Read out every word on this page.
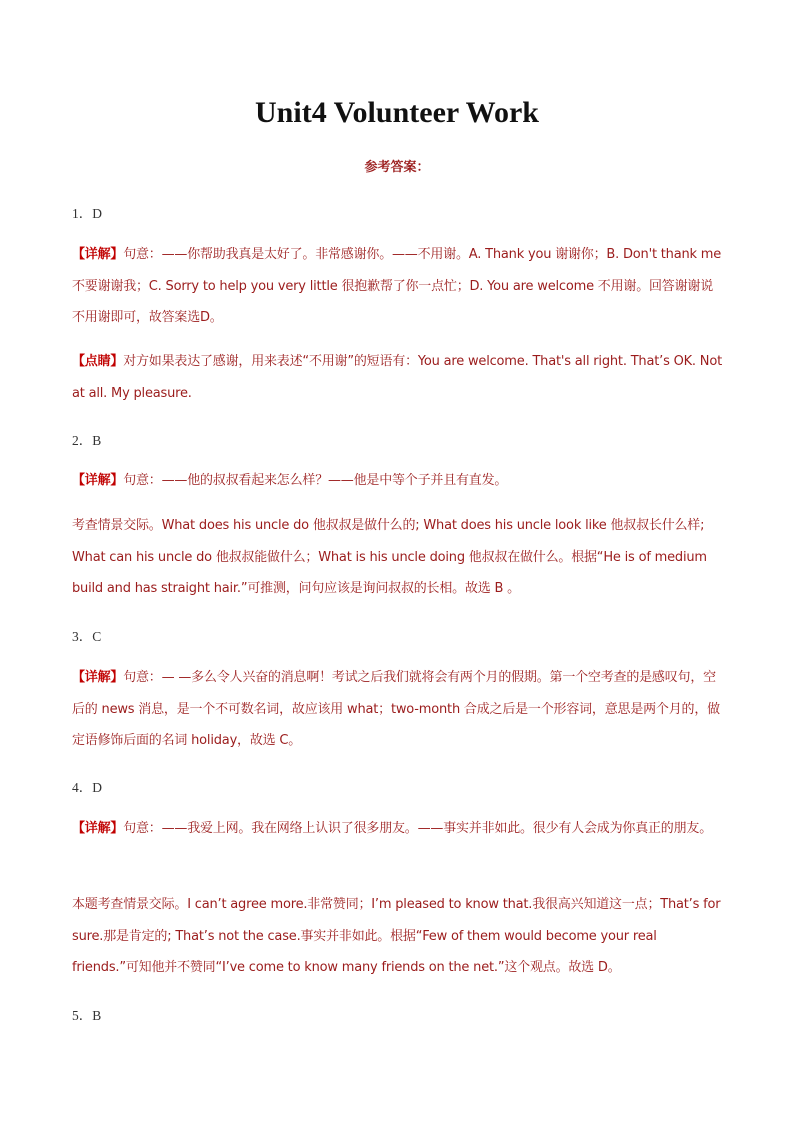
Unit4 Volunteer Work
参考答案：
1．D
【详解】句意：——你帮助我真是太好了。非常感谢你。——不用谢。A. Thank you 谢谢你；B. Don't thank me 不要谢谢我；C. Sorry to help you very little 很抱歉帮了你一点忙；D. You are welcome 不用谢。回答谢谢说不用谢即可，故答案选D。
【点睛】对方如果表达了感谢，用来表述“不用谢”的短语有：You are welcome. That's all right. That’s OK. Not at all. My pleasure.
2．B
【详解】句意：——他的叔叔看起来怎么样？——他是中等个子并且有直发。
考查情景交际。What does his uncle do 他叔叔是做什么的; What does his uncle look like 他叔叔长什么样; What can his uncle do 他叔叔能做什么；What is his uncle doing 他叔叔在做什么。根据“He is of medium build and has straight hair.”可推测，问句应该是询问叔叔的长相。故选 B 。
3．C
【详解】句意：— —多么令人兴奋的消息啊！考试之后我们就将会有两个月的假期。第一个空考查的是感叹句，空后的 news 消息，是一个不可数名词，故应该用 what；two-month 合成之后是一个形容词，意思是两个月的，做定语修饰后面的名词 holiday，故选 C。
4．D
【详解】句意：——我爱上网。我在网络上认识了很多朋友。——事实并非如此。很少有人会成为你真正的朋友。
本题考查情景交际。I can’t agree more.非常赞同；I’m pleased to know that.我很高兴知道这一点；That’s for sure.那是肯定的; That’s not the case.事实并非如此。根据“Few of them would become your real friends.”可知他并不赞同“I’ve come to know many friends on the net.”这个观点。故选 D。
5．B
